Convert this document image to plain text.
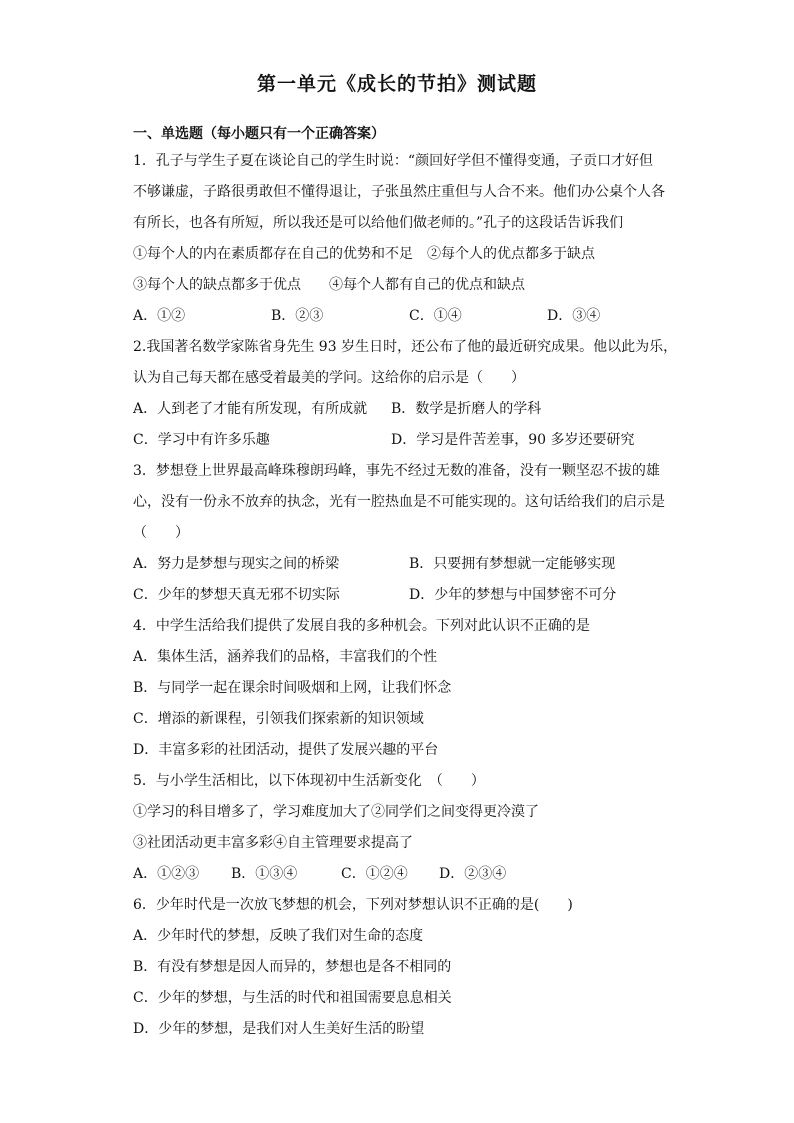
第一单元《成长的节拍》测试题
一、单选题（每小题只有一个正确答案）
1．孔子与学生子夏在谈论自己的学生时说：“颜回好学但不懂得变通，子贡口才好但
不够谦虚，子路很勇敢但不懂得退让，子张虽然庄重但与人合不来。他们办公桌个人各
有所长，也各有所短，所以我还是可以给他们做老师的。”孔子的这段话告诉我们
①每个人的内在素质都存在自己的优势和不足　②每个人的优点都多于缺点
③每个人的缺点都多于优点　　④每个人都有自己的优点和缺点
A．①②	B．②③	C．①④	D．③④
2.我国著名数学家陈省身先生 93 岁生日时，还公布了他的最近研究成果。他以此为乐，
认为自己每天都在感受着最美的学问。这给你的启示是（　　）
A．人到老了才能有所发现，有所成就	B．数学是折磨人的学科
C．学习中有许多乐趣	D．学习是件苦差事，90 多岁还要研究
3．梦想登上世界最高峰珠穆朗玛峰，事先不经过无数的准备，没有一颗坚忍不拔的雄
心，没有一份永不放弃的执念，光有一腔热血是不可能实现的。这句话给我们的启示是
（　　）
A．努力是梦想与现实之间的桥梁	B．只要拥有梦想就一定能够实现
C．少年的梦想天真无邪不切实际	D．少年的梦想与中国梦密不可分
4．中学生活给我们提供了发展自我的多种机会。下列对此认识不正确的是
A．集体生活，涵养我们的品格，丰富我们的个性
B．与同学一起在课余时间吸烟和上网，让我们怀念
C．增添的新课程，引领我们探索新的知识领域
D．丰富多彩的社团活动，提供了发展兴趣的平台
5．与小学生活相比，以下体现初中生活新变化　（　　）
①学习的科目增多了，学习难度加大了②同学们之间变得更冷漠了
③社团活动更丰富多彩④自主管理要求提高了
A．①②③	B．①③④	C．①②④	D．②③④
6．少年时代是一次放飞梦想的机会，下列对梦想认识不正确的是(　　)
A．少年时代的梦想，反映了我们对生命的态度
B．有没有梦想是因人而异的，梦想也是各不相同的
C．少年的梦想，与生活的时代和祖国需要息息相关
D．少年的梦想，是我们对人生美好生活的盼望
